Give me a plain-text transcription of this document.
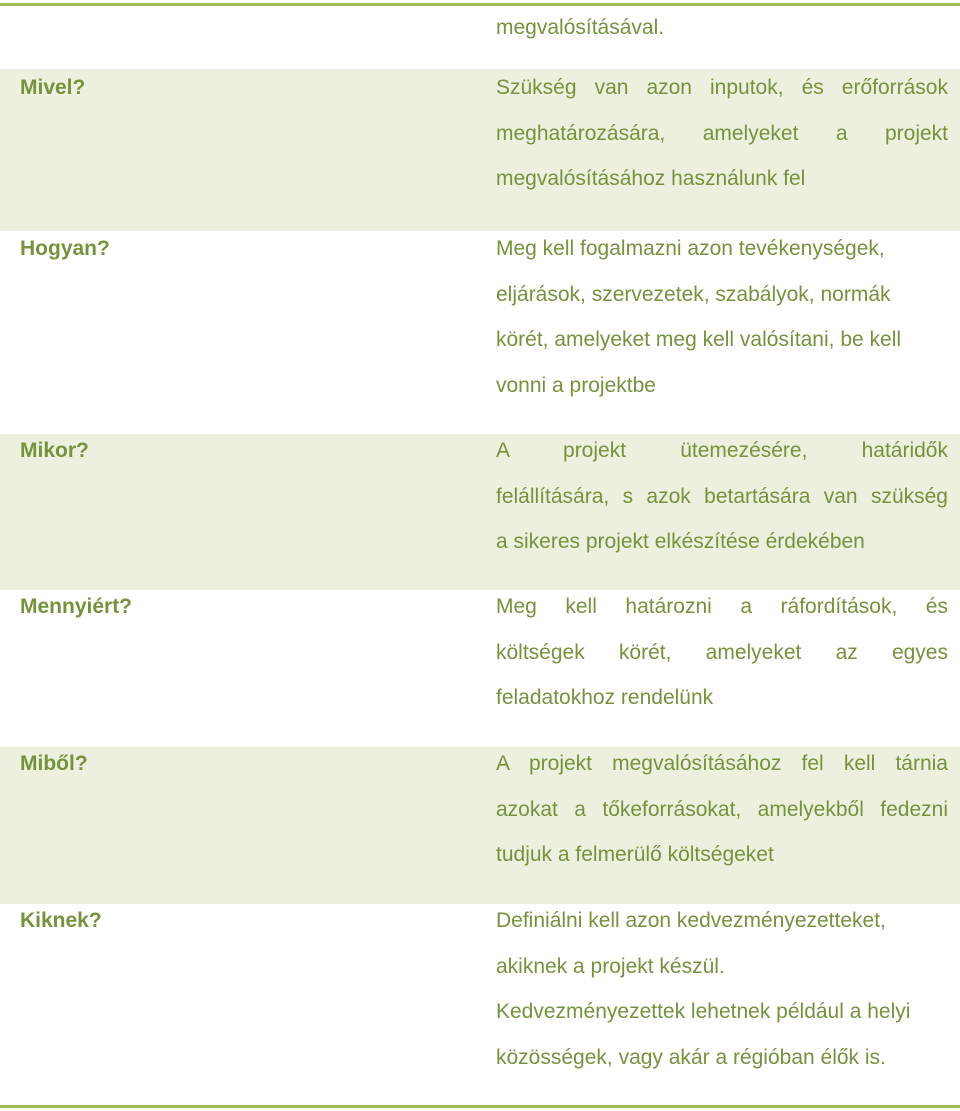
megvalósításával.
Mivel?	Szükség van azon inputok, és erőforrások
meghatározására, amelyeket a projekt
megvalósításához használunk fel
Hogyan?	Meg kell fogalmazni azon tevékenységek,
eljárások, szervezetek, szabályok, normák
körét, amelyeket meg kell valósítani, be kell
vonni a projektbe
Mikor?	A projekt ütemezésére, határidők
felállítására, s azok betartására van szükség
a sikeres projekt elkészítése érdekében
Mennyiért?	Meg kell határozni a ráfordítások, és
költségek körét, amelyeket az egyes
feladatokhoz rendelünk
Miből?	A projekt megvalósításához fel kell tárnia
azokat a tőkeforrásokat, amelyekből fedezni
tudjuk a felmerülő költségeket
Kiknek?	Definiálni kell azon kedvezményezetteket,
akiknek a projekt készül.
Kedvezményezettek lehetnek például a helyi
közösségek, vagy akár a régióban élők is.
